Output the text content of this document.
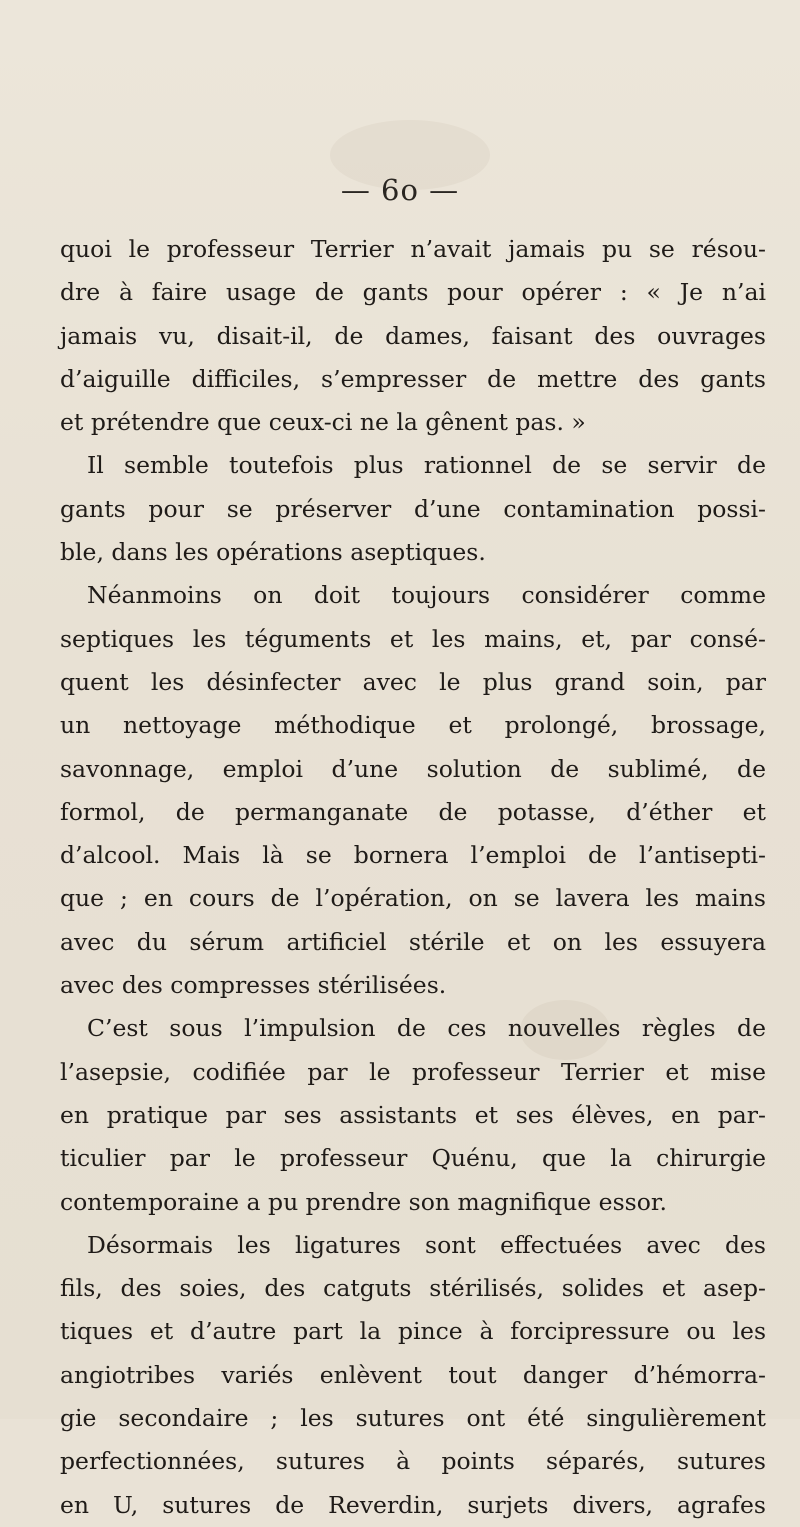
— 6o —
quoi le professeur Terrier n’avait jamais pu se résou-
dre à faire usage de gants pour opérer : « Je n’ai
jamais vu, disait-il, de dames, faisant des ouvrages
d’aiguille difficiles, s’empresser de mettre des gants
et prétendre que ceux-ci ne la gênent pas. »
Il semble toutefois plus rationnel de se servir de
gants pour se préserver d’une contamination possi-
ble, dans les opérations aseptiques.
Néanmoins on doit toujours considérer comme
septiques les téguments et les mains, et, par consé-
quent les désinfecter avec le plus grand soin, par
un nettoyage méthodique et prolongé, brossage,
savonnage, emploi d’une solution de sublimé, de
formol, de permanganate de potasse, d’éther et
d’alcool. Mais là se bornera l’emploi de l’antisepti-
que ; en cours de l’opération, on se lavera les mains
avec du sérum artificiel stérile et on les essuyera
avec des compresses stérilisées.
C’est sous l’impulsion de ces nouvelles règles de
l’asepsie, codifiée par le professeur Terrier et mise
en pratique par ses assistants et ses élèves, en par-
ticulier par le professeur Quénu, que la chirurgie
contemporaine a pu prendre son magnifique essor.
Désormais les ligatures sont effectuées avec des
fils, des soies, des catguts stérilisés, solides et asep-
tiques et d’autre part la pince à forcipressure ou les
angiotribes variés enlèvent tout danger d’hémorra-
gie secondaire ; les sutures ont été singulièrement
perfectionnées, sutures à points séparés, sutures
en U, sutures de Reverdin, surjets divers, agrafes
